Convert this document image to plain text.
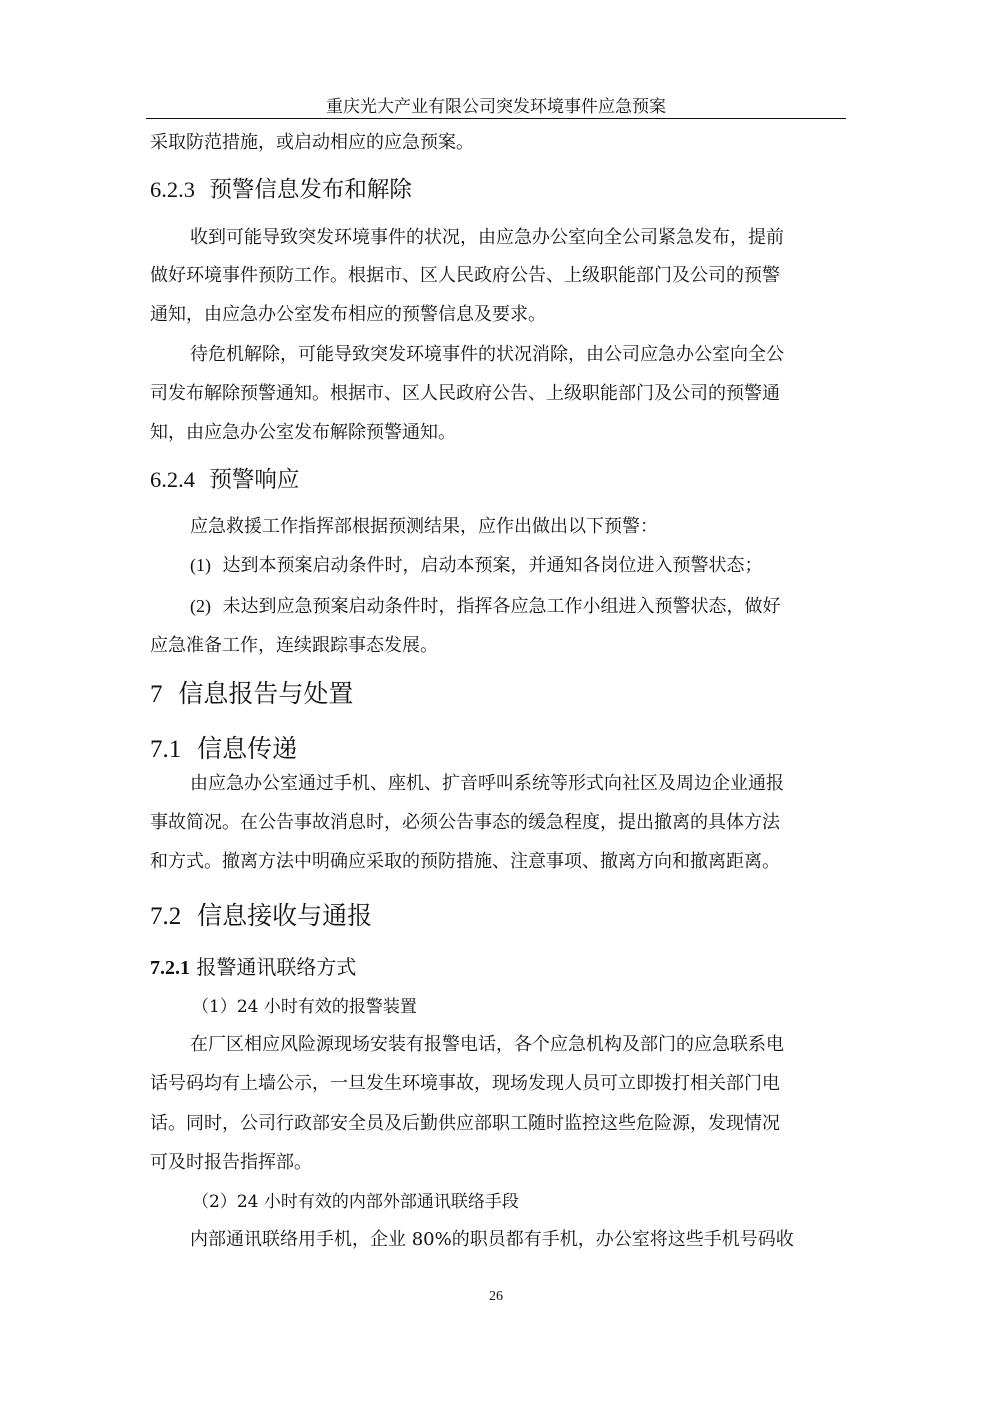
重庆光大产业有限公司突发环境事件应急预案
采取防范措施，或启动相应的应急预案。
6.2.3 预警信息发布和解除
收到可能导致突发环境事件的状况，由应急办公室向全公司紧急发布，提前
做好环境事件预防工作。根据市、区人民政府公告、上级职能部门及公司的预警
通知，由应急办公室发布相应的预警信息及要求。
待危机解除，可能导致突发环境事件的状况消除，由公司应急办公室向全公
司发布解除预警通知。根据市、区人民政府公告、上级职能部门及公司的预警通
知，由应急办公室发布解除预警通知。
6.2.4 预警响应
应急救援工作指挥部根据预测结果，应作出做出以下预警：
(1) 达到本预案启动条件时，启动本预案，并通知各岗位进入预警状态；
(2) 未达到应急预案启动条件时，指挥各应急工作小组进入预警状态，做好
应急准备工作，连续跟踪事态发展。
7 信息报告与处置
7.1 信息传递
由应急办公室通过手机、座机、扩音呼叫系统等形式向社区及周边企业通报
事故简况。在公告事故消息时，必须公告事态的缓急程度，提出撤离的具体方法
和方式。撤离方法中明确应采取的预防措施、注意事项、撤离方向和撤离距离。
7.2 信息接收与通报
7.2.1 报警通讯联络方式
（1）24 小时有效的报警装置
在厂区相应风险源现场安装有报警电话，各个应急机构及部门的应急联系电
话号码均有上墙公示，一旦发生环境事故，现场发现人员可立即拨打相关部门电
话。同时，公司行政部安全员及后勤供应部职工随时监控这些危险源，发现情况
可及时报告指挥部。
（2）24 小时有效的内部外部通讯联络手段
内部通讯联络用手机，企业 80%的职员都有手机，办公室将这些手机号码收
26
